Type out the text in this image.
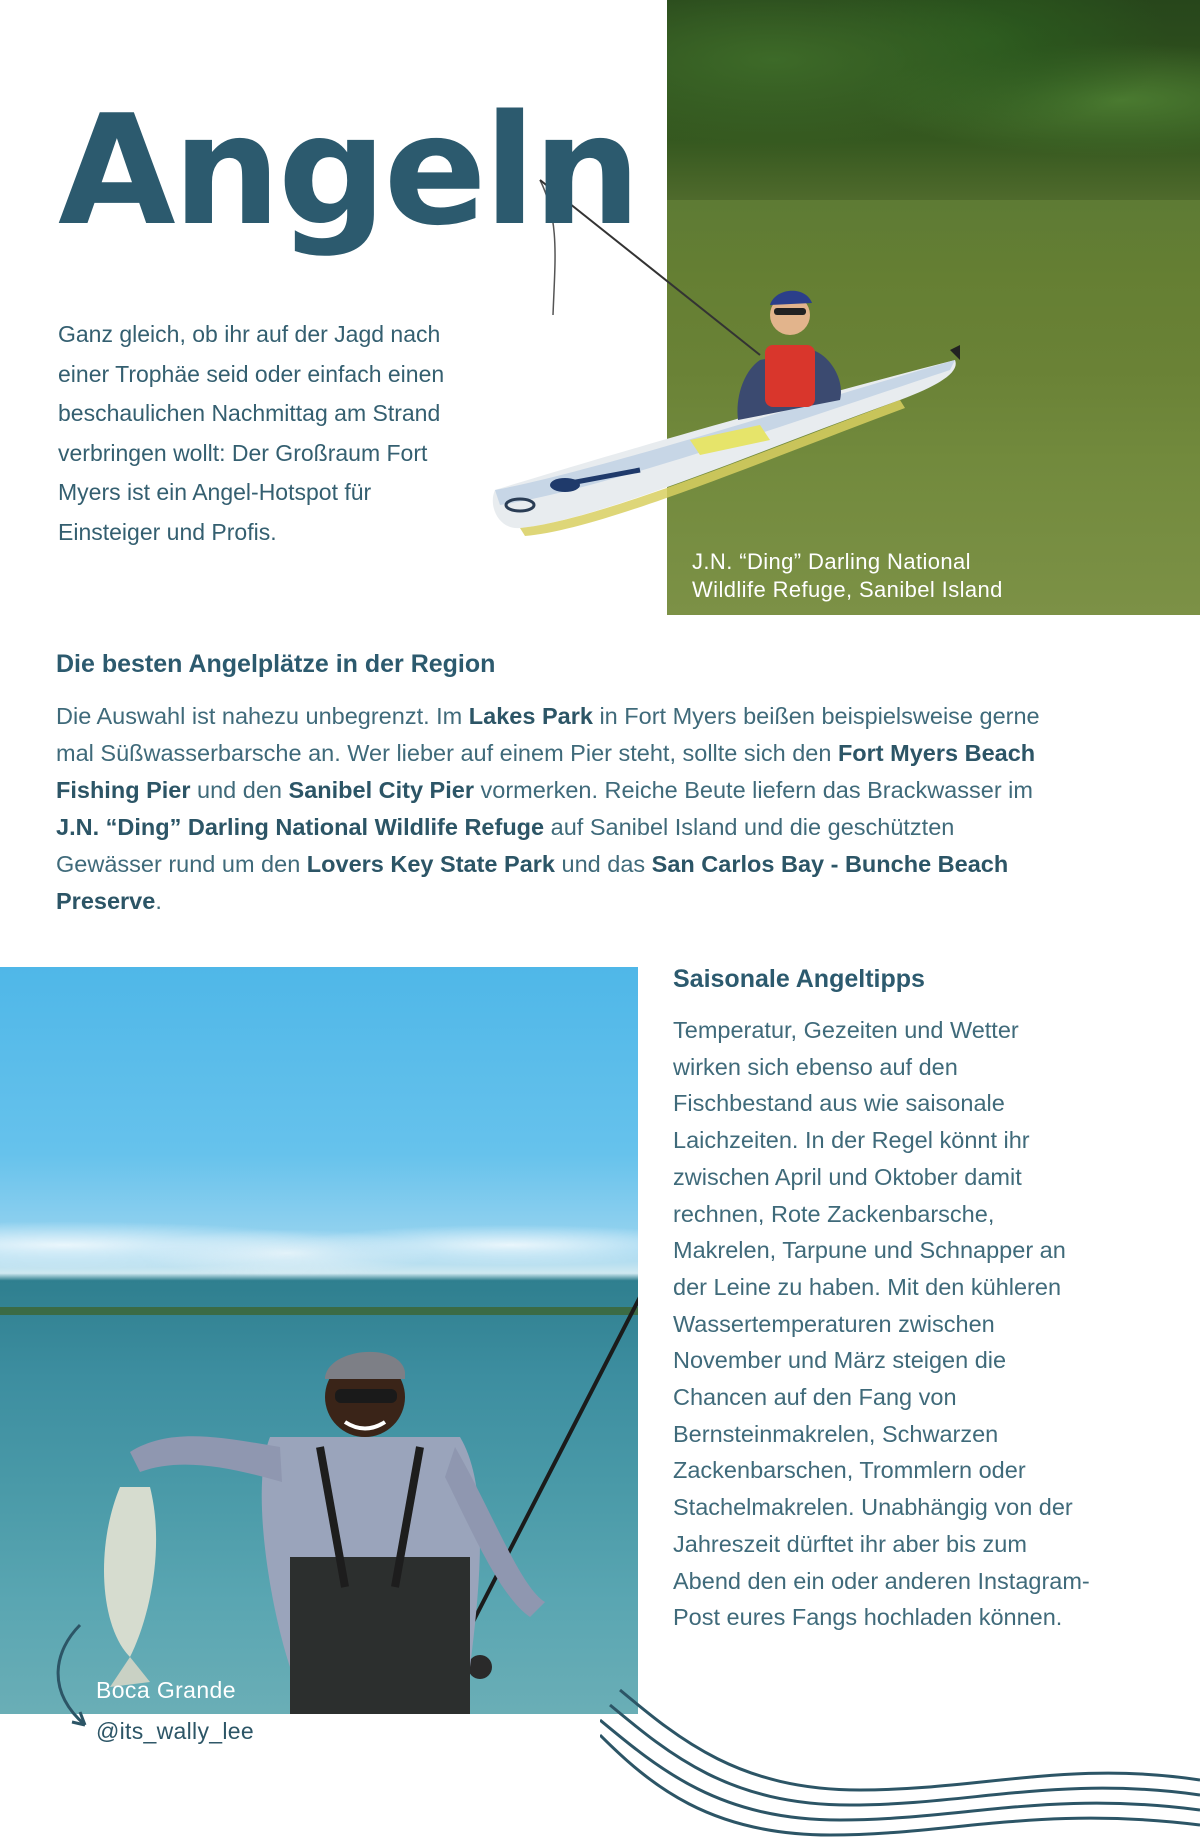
Angeln

Ganz gleich, ob ihr auf der Jagd nach einer Trophäe seid oder einfach einen beschaulichen Nachmittag am Strand verbringen wollt: Der Großraum Fort Myers ist ein Angel-Hotspot für Einsteiger und Profis.

J.N. “Ding” Darling National
Wildlife Refuge, Sanibel Island

Die besten Angelplätze in der Region

Die Auswahl ist nahezu unbegrenzt. Im Lakes Park in Fort Myers beißen beispielsweise gerne mal Süßwasserbarsche an. Wer lieber auf einem Pier steht, sollte sich den Fort Myers Beach Fishing Pier und den Sanibel City Pier vormerken. Reiche Beute liefern das Brackwasser im J.N. “Ding” Darling National Wildlife Refuge auf Sanibel Island und die geschützten Gewässer rund um den Lovers Key State Park und das San Carlos Bay - Bunche Beach Preserve.

Boca Grande

@its_wally_lee

Saisonale Angeltipps

Temperatur, Gezeiten und Wetter wirken sich ebenso auf den Fischbestand aus wie saisonale Laichzeiten. In der Regel könnt ihr zwischen April und Oktober damit rechnen, Rote Zackenbarsche, Makrelen, Tarpune und Schnapper an der Leine zu haben. Mit den kühleren Wassertemperaturen zwischen November und März steigen die Chancen auf den Fang von Bernsteinmakrelen, Schwarzen Zackenbarschen, Trommlern oder Stachelmakrelen. Unabhängig von der Jahreszeit dürftet ihr aber bis zum Abend den ein oder anderen Instagram-Post eures Fangs hochladen können.
